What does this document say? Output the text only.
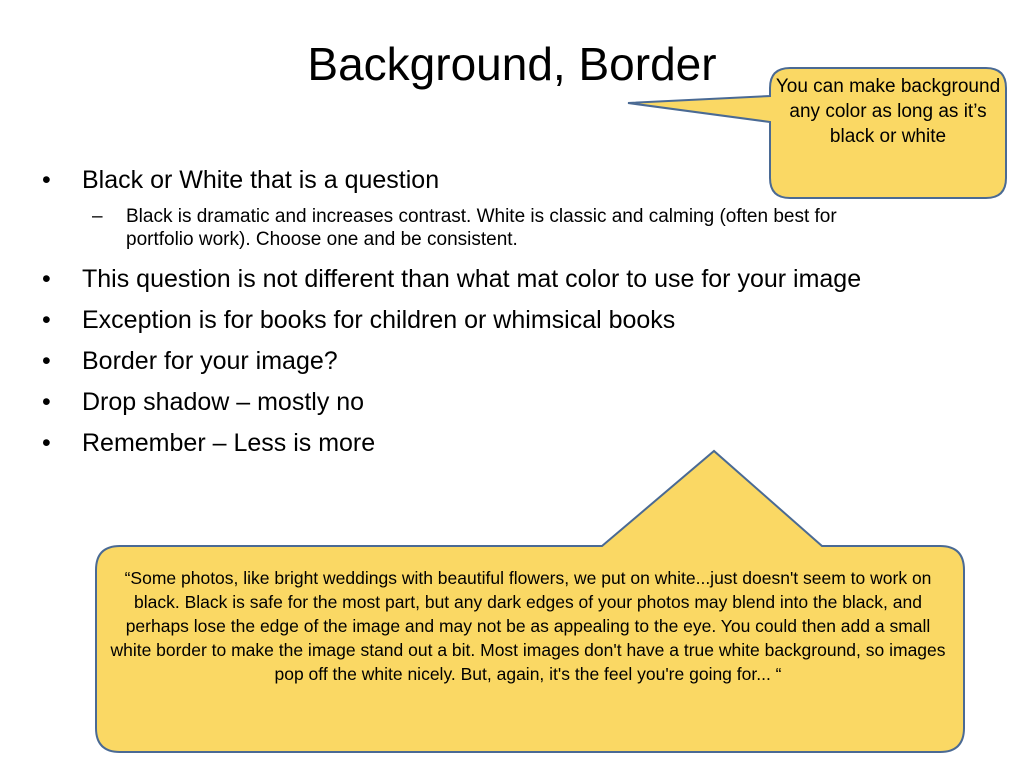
Background, Border
• Black or White that is a question
– Black is dramatic and increases contrast. White is classic and calming (often best for portfolio work). Choose one and be consistent.
• This question is not different than what mat color to use for your image
• Exception is for books for children or whimsical books
• Border for your image?
• Drop shadow – mostly no
• Remember – Less is more
You can make background any color as long as it’s black or white
“Some photos, like bright weddings with beautiful flowers, we put on white...just doesn't seem to work on black. Black is safe for the most part, but any dark edges of your photos may blend into the black, and perhaps lose the edge of the image and may not be as appealing to the eye. You could then add a small white border to make the image stand out a bit. Most images don't have a true white background, so images pop off the white nicely. But, again, it's the feel you're going for... “
